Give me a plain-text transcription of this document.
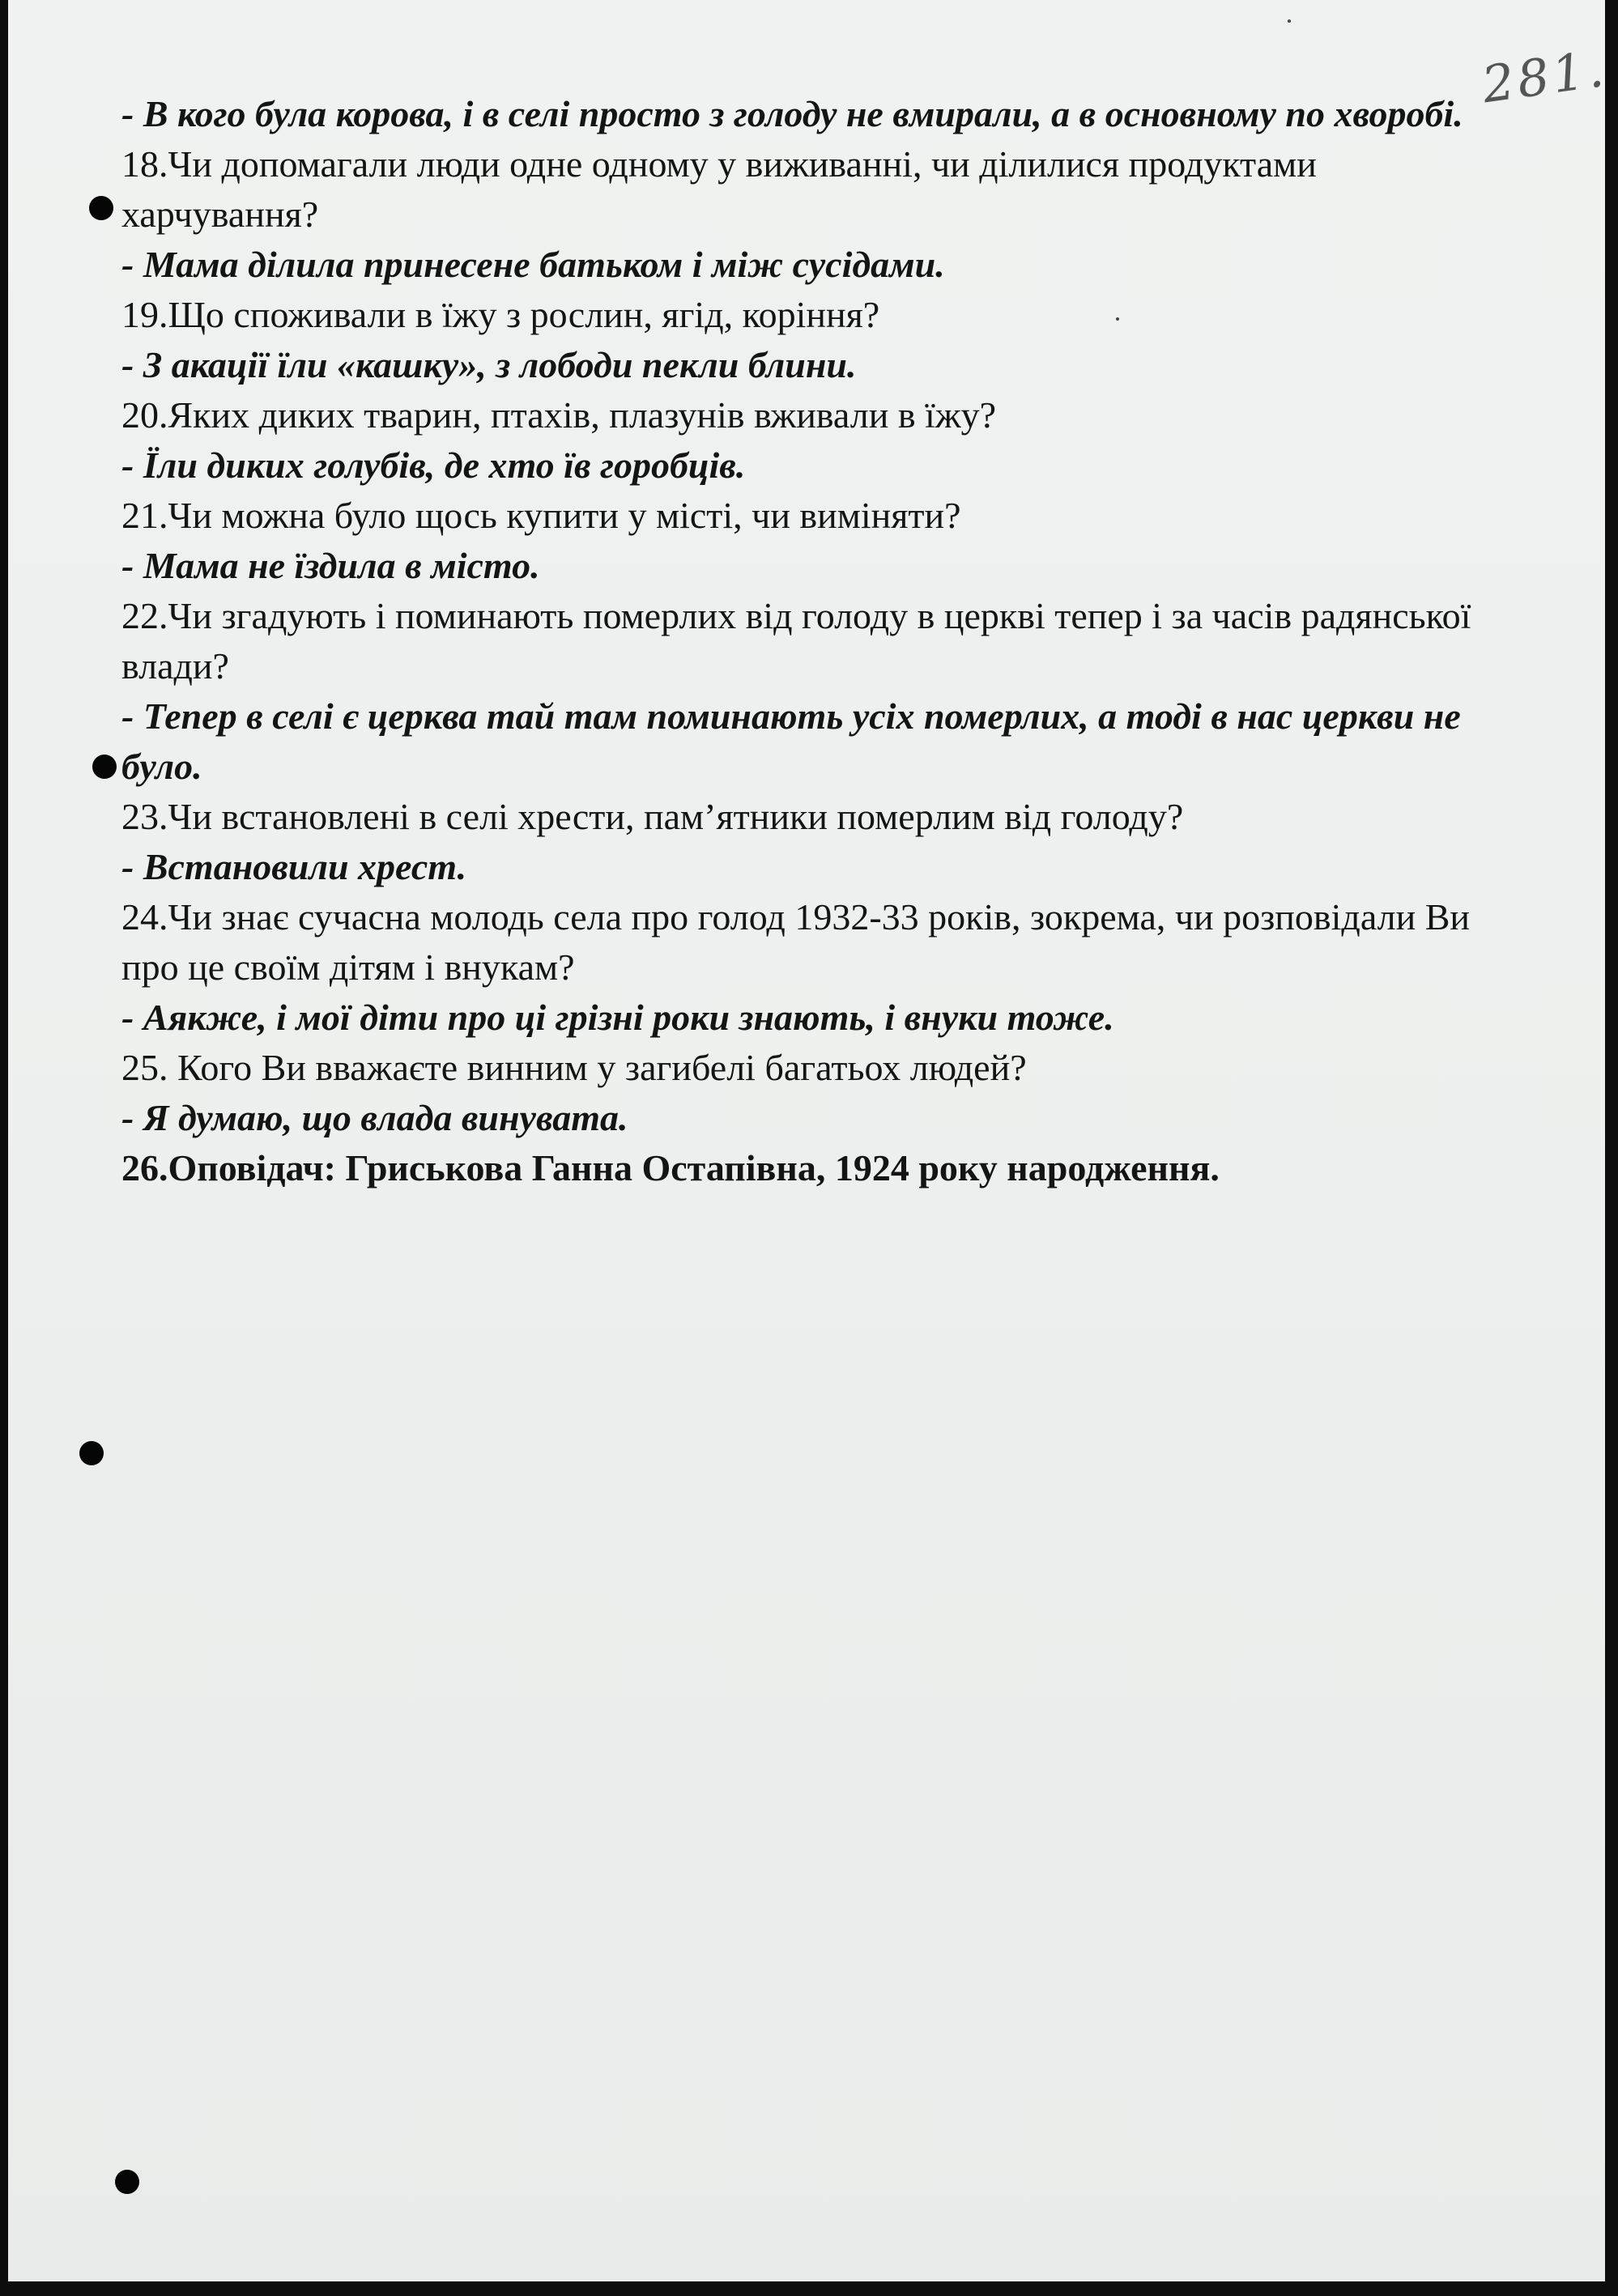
281.

- В кого була корова, і в селі просто з голоду не вмирали, а в основному по хворобі.

18.Чи допомагали люди одне одному у виживанні, чи ділилися продуктами харчування?

- Мама ділила принесене батьком і між сусідами.

19.Що споживали в їжу з рослин, ягід, коріння?

- З акації їли «кашку», з лободи пекли блини.

20.Яких диких тварин, птахів, плазунів вживали в їжу?

- Їли диких голубів, де хто їв горобців.

21.Чи можна було щось купити у місті, чи виміняти?

- Мама не їздила в місто.

22.Чи згадують і поминають померлих від голоду в церкві тепер і за часів радянської влади?

- Тепер в селі є церква тай там поминають усіх померлих, а тоді в нас церкви не було.

23.Чи встановлені в селі хрести, пам’ятники померлим від голоду?

- Встановили хрест.

24.Чи знає сучасна молодь села про голод 1932-33 років, зокрема, чи розповідали Ви про це своїм дітям і внукам?

- Аякже, і мої діти про ці грізні роки знають, і внуки тоже.

25. Кого Ви вважаєте винним у загибелі багатьох людей?

- Я думаю, що влада винувата.

26.Оповідач: Гриськова Ганна Остапівна, 1924 року народження.
